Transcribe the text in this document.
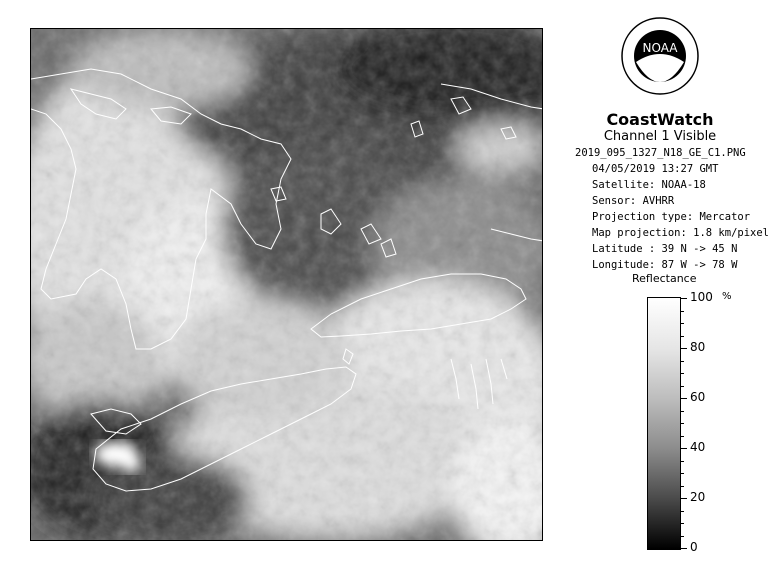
NOAA
CoastWatch
Channel 1 Visible
2019_095_1327_N18_GE_C1.PNG
04/05/2019 13:27 GMT
Satellite: NOAA-18
Sensor: AVHRR
Projection type: Mercator
Map projection: 1.8 km/pixel
Latitude : 39 N -> 45 N
Longitude: 87 W -> 78 W
Reflectance
%
100
80
60
40
20
0
